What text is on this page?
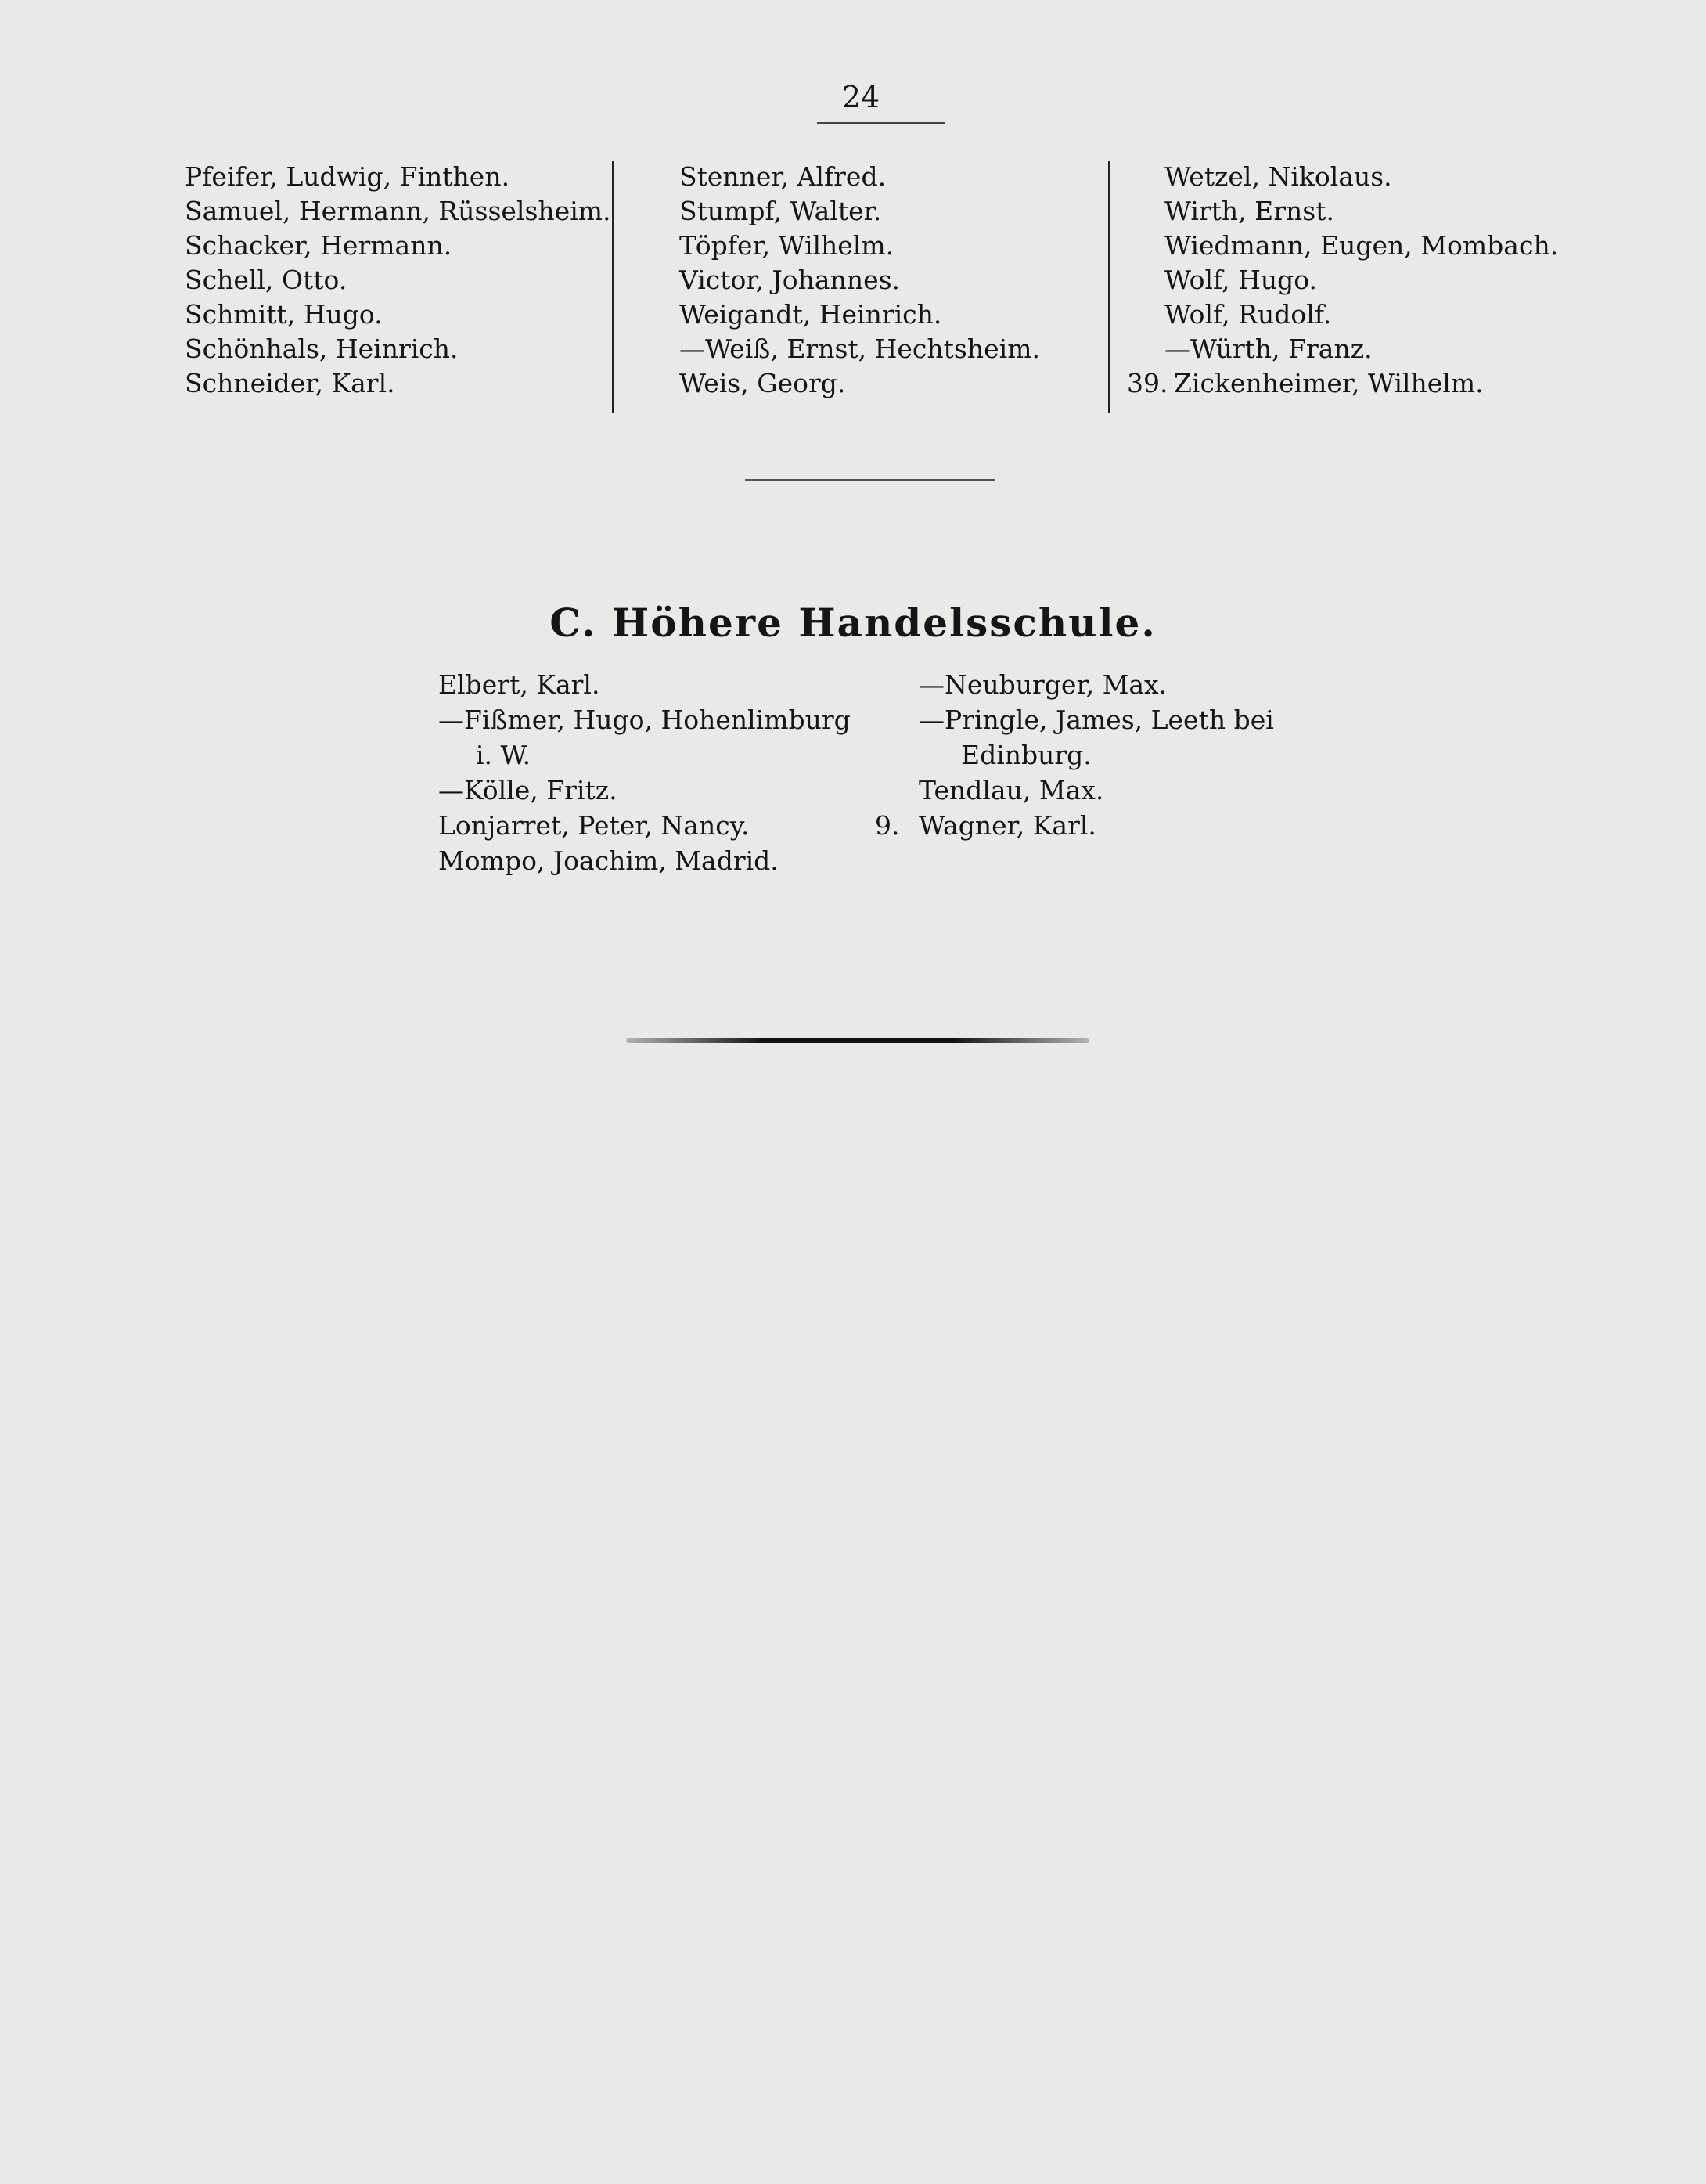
24
Pfeifer, Ludwig, Finthen.
Samuel, Hermann, Rüsselsheim.
Schacker, Hermann.
Schell, Otto.
Schmitt, Hugo.
Schönhals, Heinrich.
Schneider, Karl.
Stenner, Alfred.
Stumpf, Walter.
Töpfer, Wilhelm.
Victor, Johannes.
Weigandt, Heinrich.
—Weiß, Ernst, Hechtsheim.
Weis, Georg.
Wetzel, Nikolaus.
Wirth, Ernst.
Wiedmann, Eugen, Mombach.
Wolf, Hugo.
Wolf, Rudolf.
—Würth, Franz.
39. Zickenheimer, Wilhelm.
C. Höhere Handelsschule.
Elbert, Karl.
—Fißmer, Hugo, Hohenlimburg
i. W.
—Kölle, Fritz.
Lonjarret, Peter, Nancy.
Mompo, Joachim, Madrid.
—Neuburger, Max.
—Pringle, James, Leeth bei
Edinburg.
Tendlau, Max.
9. Wagner, Karl.
